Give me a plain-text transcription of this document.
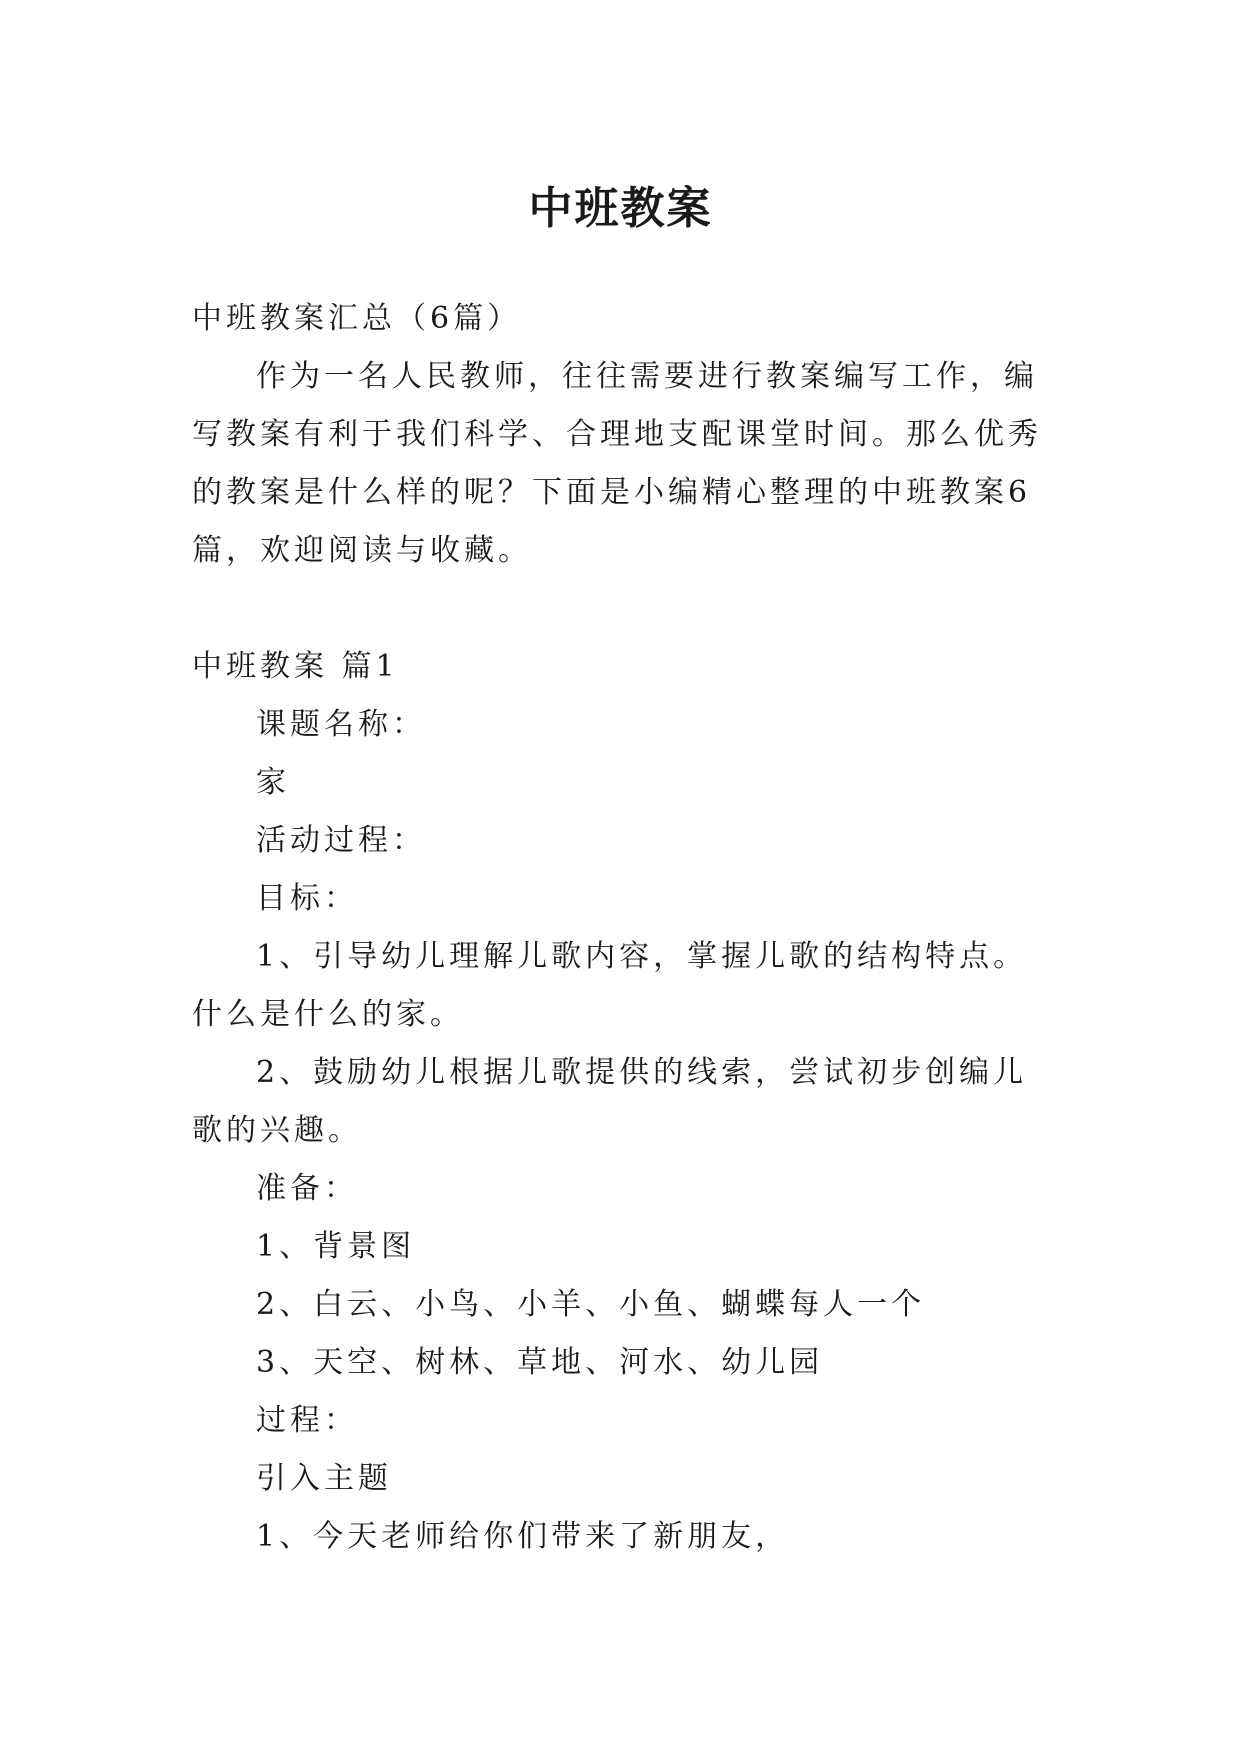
中班教案

中班教案汇总（6篇）

作为一名人民教师，往往需要进行教案编写工作，编写教案有利于我们科学、合理地支配课堂时间。那么优秀的教案是什么样的呢？下面是小编精心整理的中班教案6篇，欢迎阅读与收藏。

中班教案 篇1

课题名称：

家

活动过程：

目标：

1、引导幼儿理解儿歌内容，掌握儿歌的结构特点。什么是什么的家。

2、鼓励幼儿根据儿歌提供的线索，尝试初步创编儿歌的兴趣。

准备：

1、背景图

2、白云、小鸟、小羊、小鱼、蝴蝶每人一个

3、天空、树林、草地、河水、幼儿园

过程：

引入主题

1、今天老师给你们带来了新朋友，
